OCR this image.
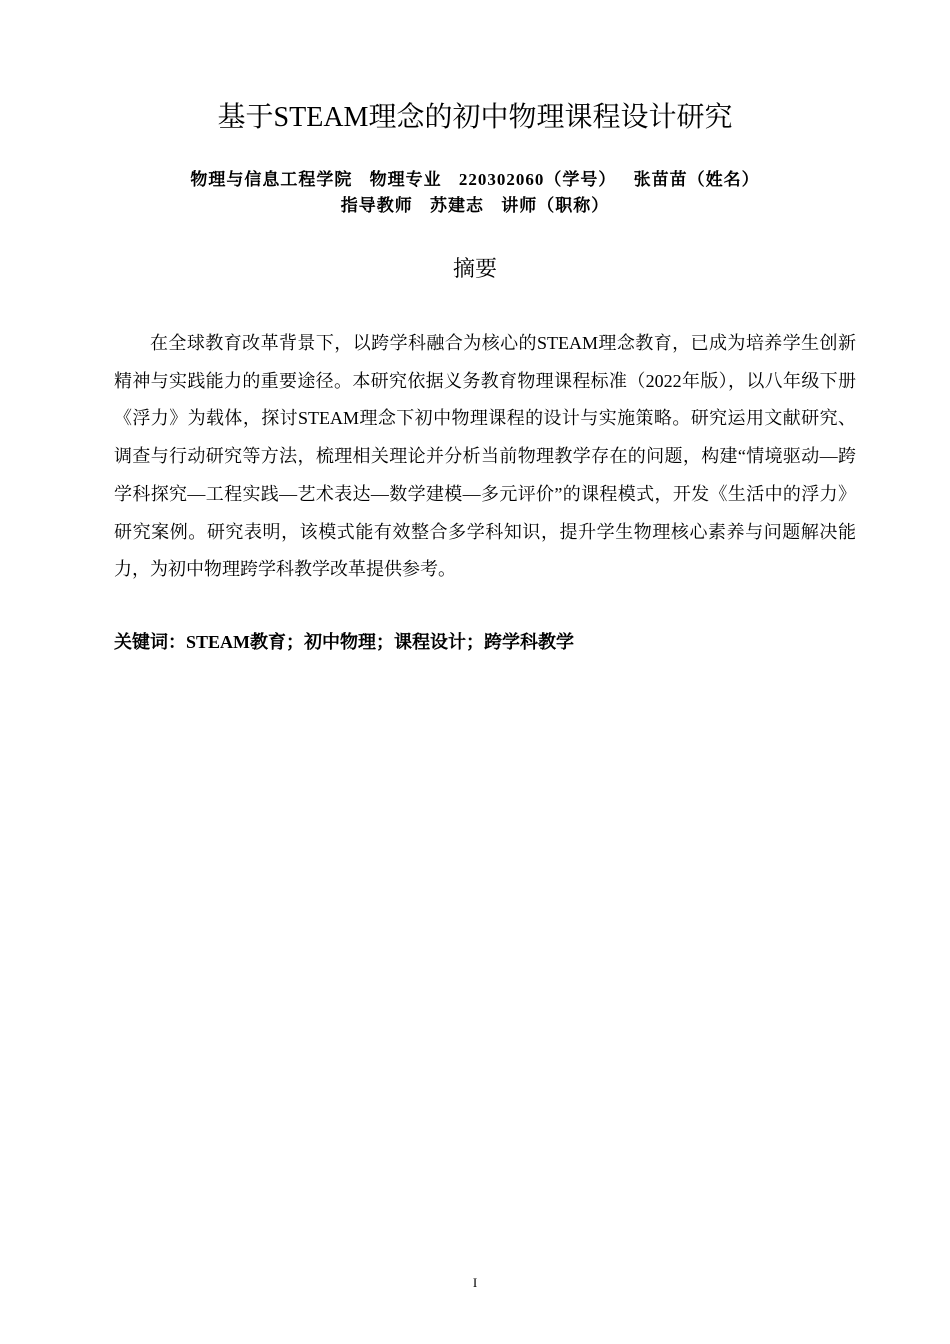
基于STEAM理念的初中物理课程设计研究
物理与信息工程学院 物理专业 220302060（学号） 张苗苗（姓名）
指导教师 苏建志 讲师（职称）
摘要

在全球教育改革背景下，以跨学科融合为核心的STEAM理念教育，已成为培养学生创新精神与实践能力的重要途径。本研究依据义务教育物理课程标准（2022年版），以八年级下册《浮力》为载体，探讨STEAM理念下初中物理课程的设计与实施策略。研究运用文献研究、调查与行动研究等方法，梳理相关理论并分析当前物理教学存在的问题，构建“情境驱动—跨学科探究—工程实践—艺术表达—数学建模—多元评价”的课程模式，开发《生活中的浮力》研究案例。研究表明，该模式能有效整合多学科知识，提升学生物理核心素养与问题解决能力，为初中物理跨学科教学改革提供参考。

关键词：STEAM教育；初中物理；课程设计；跨学科教学
I
